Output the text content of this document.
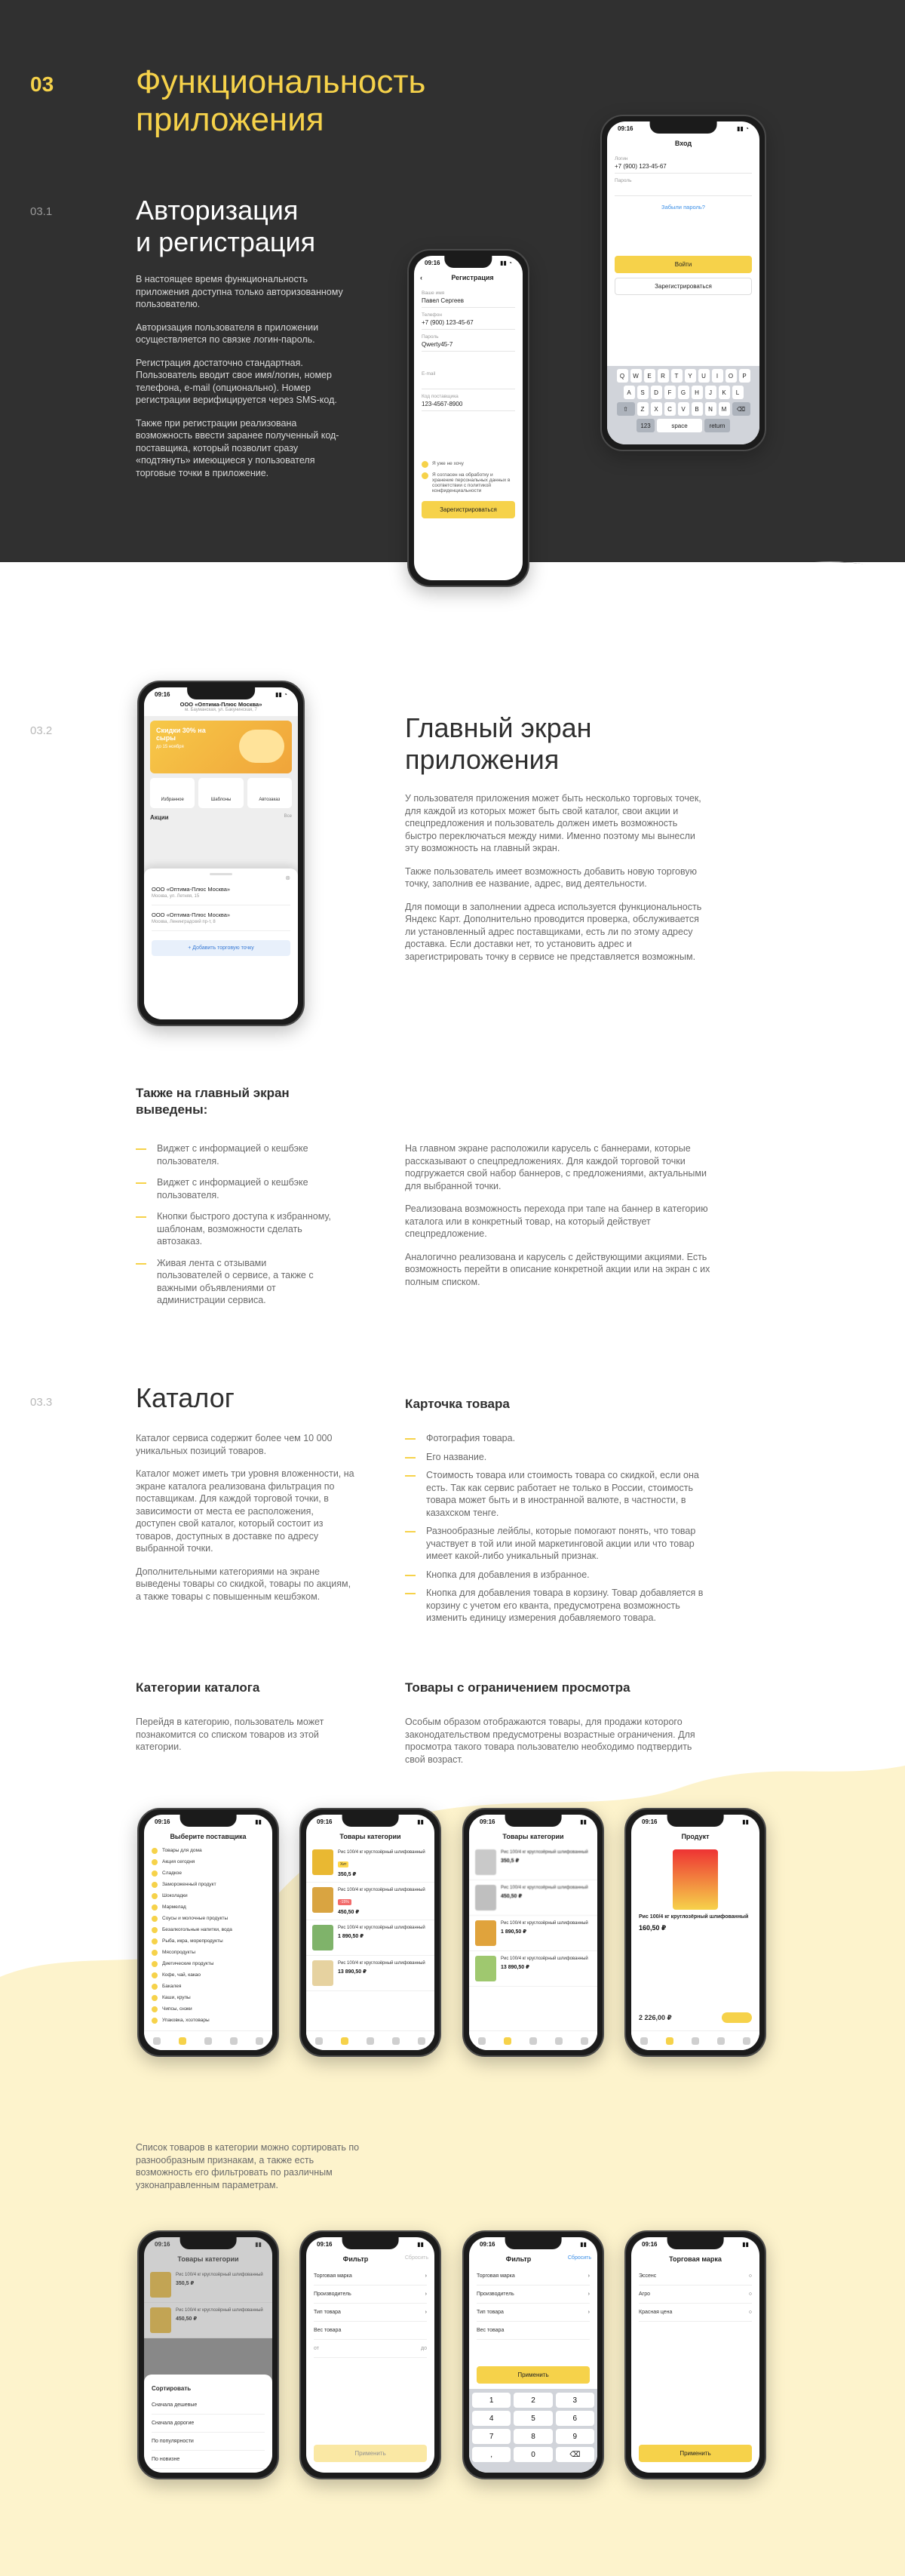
03 Функциональность
приложения
03.1	Авторизация
и регистрация

В настоящее время функциональность приложения доступна только авторизованному пользователю.

Авторизация пользователя в приложении осуществляется по связке логин-пароль.

Регистрация достаточно стандартная. Пользователь вводит свое имя/логин, номер телефона, e-mail (опционально). Номер регистрации верифицируется через SMS-код.

Также при регистрации реализована возможность ввести заранее полученный код-поставщика, который позволит сразу «подтянуть» имеющиеся у пользователя торговые точки в приложение.

09:16	▮▮ ◔
‹	Регистрация
Ваше имя
Павел Сергеев
Телефон
+7 (900) 123-45-67
Пароль
Qwerty45-7
E-mail
Код поставщика
123-4567-8900
Я уже не хочу
Я согласен на обработку и хранение персональных данных в соответствии с политикой конфиденциальности
Зарегистрироваться
09:16	▮▮ ◔
Вход
Логин
+7 (900) 123-45-67
Пароль
Забыли пароль?
Войти
Зарегистрироваться
Q	W	E	R	T	Y	U	I	O	P
A	S	D	F	G	H	J	K	L
⇧	Z	X	C	V	B	N	M	⌫
123	space	return
03.2	Главный экран
приложения

У пользователя приложения может быть несколько торговых точек, для каждой из которых может быть свой каталог, свои акции и спецпредложения и пользователь должен иметь возможность быстро переключаться между ними. Именно поэтому мы вынесли эту возможность на главный экран.

Также пользователь имеет возможность добавить новую торговую точку, заполнив ее название, адрес, вид деятельности.

Для помощи в заполнении адреса используется функциональность Яндекс Карт. Дополнительно проводится проверка, обслуживается ли установленный адрес поставщиками, есть ли по этому адресу доставка. Если доставки нет, то установить адрес и зарегистрировать точку в сервисе не представляется возможным.

09:16	▮▮ ◔
ООО «Оптима-Плюс Москва»
м. Бауманская, ул. Бакунинская, 7
Скидки 30% на сыры
до 15 ноября
Избранное	Шаблоны	Автозаказ
Акции	Все
⊗
ООО «Оптима-Плюс Москва»
Москва, ул. Летняя, 15
ООО «Оптима-Плюс Москва»
Москва, Ленинградский пр-т, 8
+ Добавить торговую точку
Также на главный экран
выведены:
Виджет с информацией о кешбэке пользователя.
Виджет с информацией о кешбэке пользователя.
Кнопки быстрого доступа к избранному, шаблонам, возможности сделать автозаказ.
Живая лента с отзывами пользователей о сервисе, а также с важными объявлениями от администрации сервиса.

На главном экране расположили карусель с баннерами, которые рассказывают о спецпредложениях. Для каждой торговой точки подгружается свой набор баннеров, с предложениями, актуальными для выбранной точки.

Реализована возможность перехода при тапе на баннер в категорию каталога или в конкретный товар, на который действует спецпредложение.

Аналогично реализована и карусель с действующими акциями. Есть возможность перейти в описание конкретной акции или на экран с их полным списком.

03.3	Каталог

Каталог сервиса содержит более чем 10 000 уникальных позиций товаров.

Каталог может иметь три уровня вложенности, на экране каталога реализована фильтрация по поставщикам. Для каждой торговой точки, в зависимости от места ее расположения, доступен свой каталог, который состоит из товаров, доступных в доставке по адресу выбранной точки.

Дополнительными категориями на экране выведены товары со скидкой, товары по акциям, а также товары с повышенным кешбэком.

Карточка товара
Фотография товара.
Его название.
Стоимость товара или стоимость товара со скидкой, если она есть. Так как сервис работает не только в России, стоимость товара может быть и в иностранной валюте, в частности, в казахском тенге.
Разнообразные лейблы, которые помогают понять, что товар участвует в той или иной маркетинговой акции или что товар имеет какой-либо уникальный признак.
Кнопка для добавления в избранное.
Кнопка для добавления товара в корзину. Товар добавляется в корзину с учетом его кванта, предусмотрена возможность изменить единицу измерения добавляемого товара.
Категории каталога

Перейдя в категорию, пользователь может познакомится со списком товаров из этой категории.

Товары с ограничением просмотра

Особым образом отображаются товары, для продажи которого законодательством предусмотрены возрастные ограничения. Для просмотра такого товара пользователю необходимо подтвердить свой возраст.

09:16	▮▮
Выберите поставщика
Товары для дома
Акция сегодня
Сладкое
Замороженный продукт
Шоколадки
Мармелад
Соусы и молочные продукты
Безалкогольные напитки, вода
Рыба, икра, морепродукты
Мясопродукты
Диетические продукты
Кофе, чай, какао
Бакалея
Каши, крупы
Чипсы, снэки
Упаковка, хозтовары
09:16	▮▮
Товары категории
Рис 100/4 кг круглозёрный шлифованный
Хит
350,5 ₽
Рис 100/4 кг круглозёрный шлифованный
-15%
450,50 ₽
Рис 100/4 кг круглозёрный шлифованный
1 890,50 ₽
Рис 100/4 кг круглозёрный шлифованный
13 890,50 ₽
09:16	▮▮
Товары категории
Рис 100/4 кг круглозёрный шлифованный
350,5 ₽
Рис 100/4 кг круглозёрный шлифованный
450,50 ₽
Рис 100/4 кг круглозёрный шлифованный
1 890,50 ₽
Рис 100/4 кг круглозёрный шлифованный
13 890,50 ₽
09:16	▮▮
Продукт
Рис 100/4 кг круглозёрный шлифованный
160,50 ₽
2 226,00 ₽

Список товаров в категории можно сортировать по разнообразным признакам, а также есть возможность его фильтровать по различным узконаправленным параметрам.

09:16	▮▮
Товары категории
Рис 100/4 кг круглозёрный шлифованный
350,5 ₽
Рис 100/4 кг круглозёрный шлифованный
450,50 ₽
Сортировать
Сначала дешевые
Сначала дорогие
По популярности
По новизне
09:16	▮▮
Фильтр	Сбросить
Торговая марка	›
Производитель	›
Тип товара	›
Вес товара
от	до
Применить
09:16	▮▮
Фильтр	Сбросить
Торговая марка	›
Производитель	›
Тип товара	›
Вес товара
Применить
1	2	3
4	5	6
7	8	9
,	0	⌫
09:16	▮▮
Торговая марка
Эссенс	○
Агро	○
Красная цена	○
Применить
